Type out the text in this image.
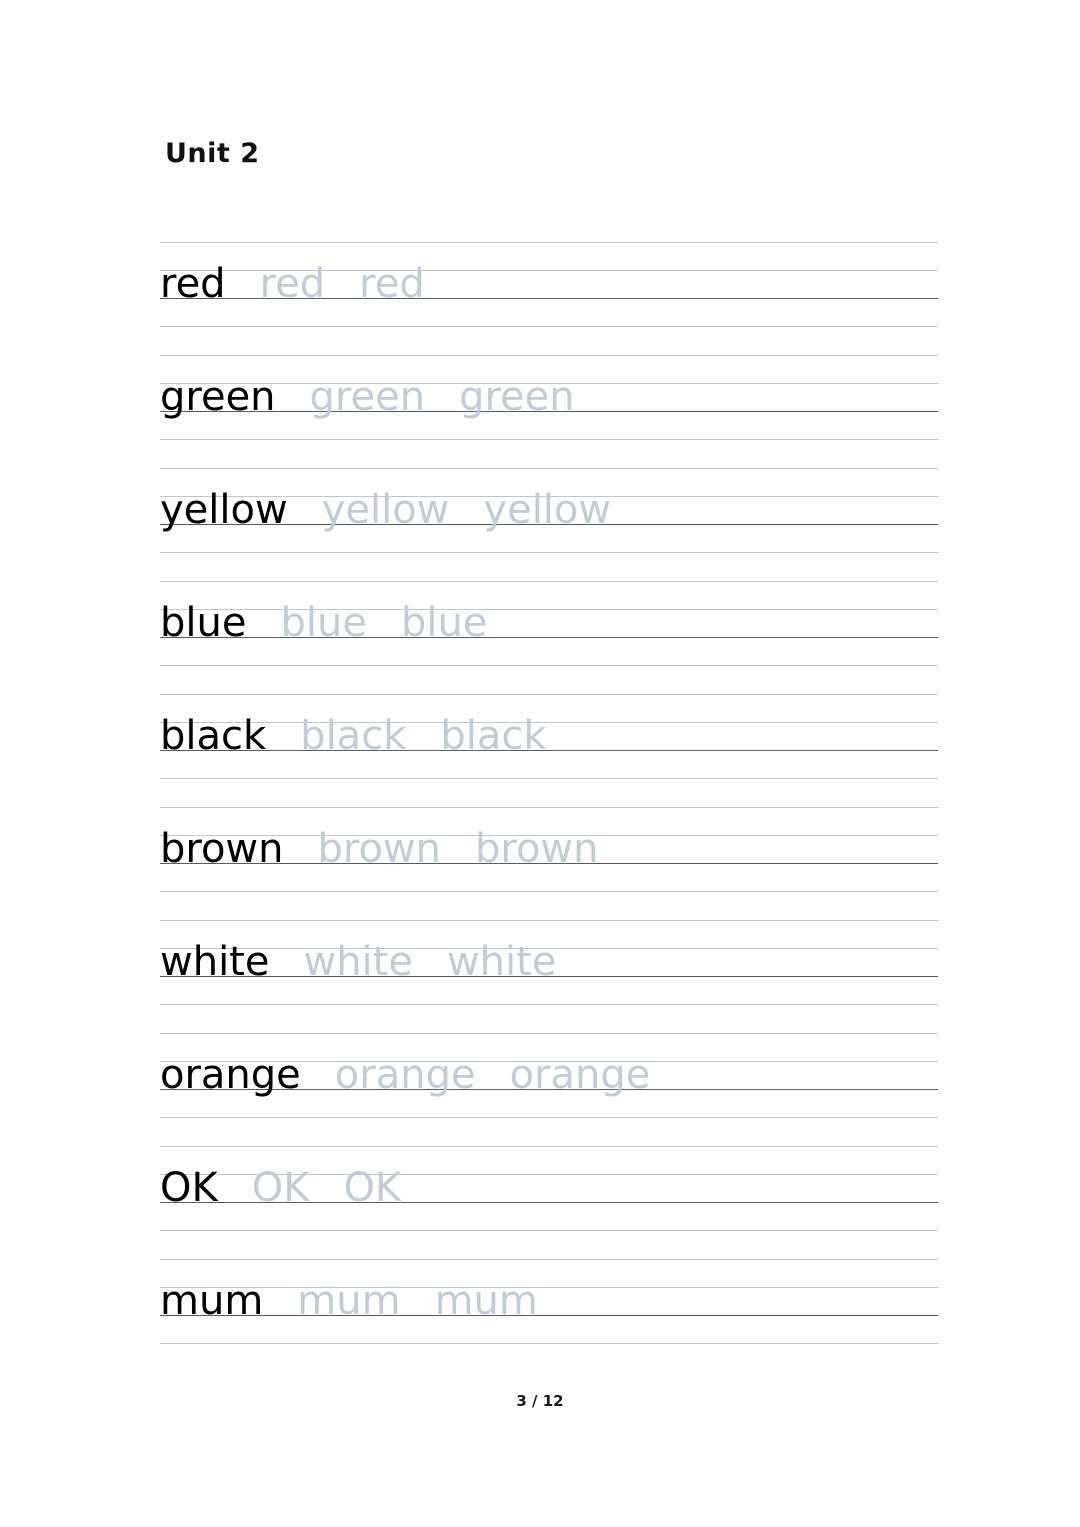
Unit 2
red red red
green green green
yellow yellow yellow
blue blue blue
black black black
brown brown brown
white white white
orange orange orange
OK OK OK
mum mum mum
3 / 12
